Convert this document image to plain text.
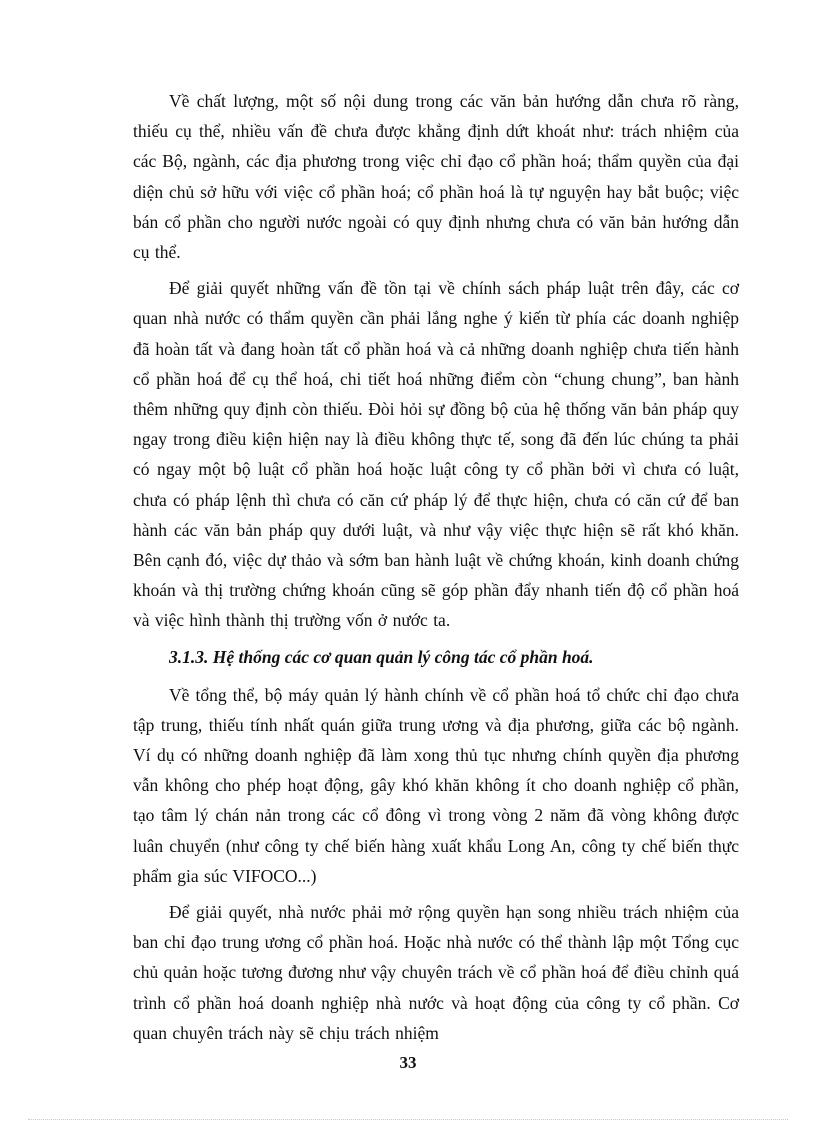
Về chất lượng, một số nội dung trong các văn bản hướng dẫn chưa rõ ràng, thiếu cụ thể, nhiều vấn đề chưa được khẳng định dứt khoát như: trách nhiệm của các Bộ, ngành, các địa phương trong việc chỉ đạo cổ phần hoá; thẩm quyền của đại diện chủ sở hữu với việc cổ phần hoá; cổ phần hoá là tự nguyện hay bắt buộc; việc bán cổ phần cho người nước ngoài có quy định nhưng chưa có văn bản hướng dẫn cụ thể.

Để giải quyết những vấn đề tồn tại về chính sách pháp luật trên đây, các cơ quan nhà nước có thẩm quyền cần phải lắng nghe ý kiến từ phía các doanh nghiệp đã hoàn tất và đang hoàn tất cổ phần hoá và cả những doanh nghiệp chưa tiến hành cổ phần hoá để cụ thể hoá, chi tiết hoá những điểm còn “chung chung”, ban hành thêm những quy định còn thiếu. Đòi hỏi sự đồng bộ của hệ thống văn bản pháp quy ngay trong điều kiện hiện nay là điều không thực tế, song đã đến lúc chúng ta phải có ngay một bộ luật cổ phần hoá hoặc luật công ty cổ phần bởi vì chưa có luật, chưa có pháp lệnh thì chưa có căn cứ pháp lý để thực hiện, chưa có căn cứ để ban hành các văn bản pháp quy dưới luật, và như vậy việc thực hiện sẽ rất khó khăn. Bên cạnh đó, việc dự thảo và sớm ban hành luật về chứng khoán, kinh doanh chứng khoán và thị trường chứng khoán cũng sẽ góp phần đẩy nhanh tiến độ cổ phần hoá và việc hình thành thị trường vốn ở nước ta.

3.1.3. Hệ thống các cơ quan quản lý công tác cổ phần hoá.

Về tổng thể, bộ máy quản lý hành chính về cổ phần hoá tổ chức chỉ đạo chưa tập trung, thiếu tính nhất quán giữa trung ương và địa phương, giữa các bộ ngành. Ví dụ có những doanh nghiệp đã làm xong thủ tục nhưng chính quyền địa phương vẫn không cho phép hoạt động, gây khó khăn không ít cho doanh nghiệp cổ phần, tạo tâm lý chán nản trong các cổ đông vì trong vòng 2 năm đã vòng không được luân chuyển (như công ty chế biến hàng xuất khẩu Long An, công ty chế biến thực phẩm gia súc VIFOCO...)

Để giải quyết, nhà nước phải mở rộng quyền hạn song nhiều trách nhiệm của ban chỉ đạo trung ương cổ phần hoá. Hoặc nhà nước có thể thành lập một Tổng cục chủ quản hoặc tương đương như vậy chuyên trách về cổ phần hoá để điều chỉnh quá trình cổ phần hoá doanh nghiệp nhà nước và hoạt động của công ty cổ phần. Cơ quan chuyên trách này sẽ chịu trách nhiệm

33
